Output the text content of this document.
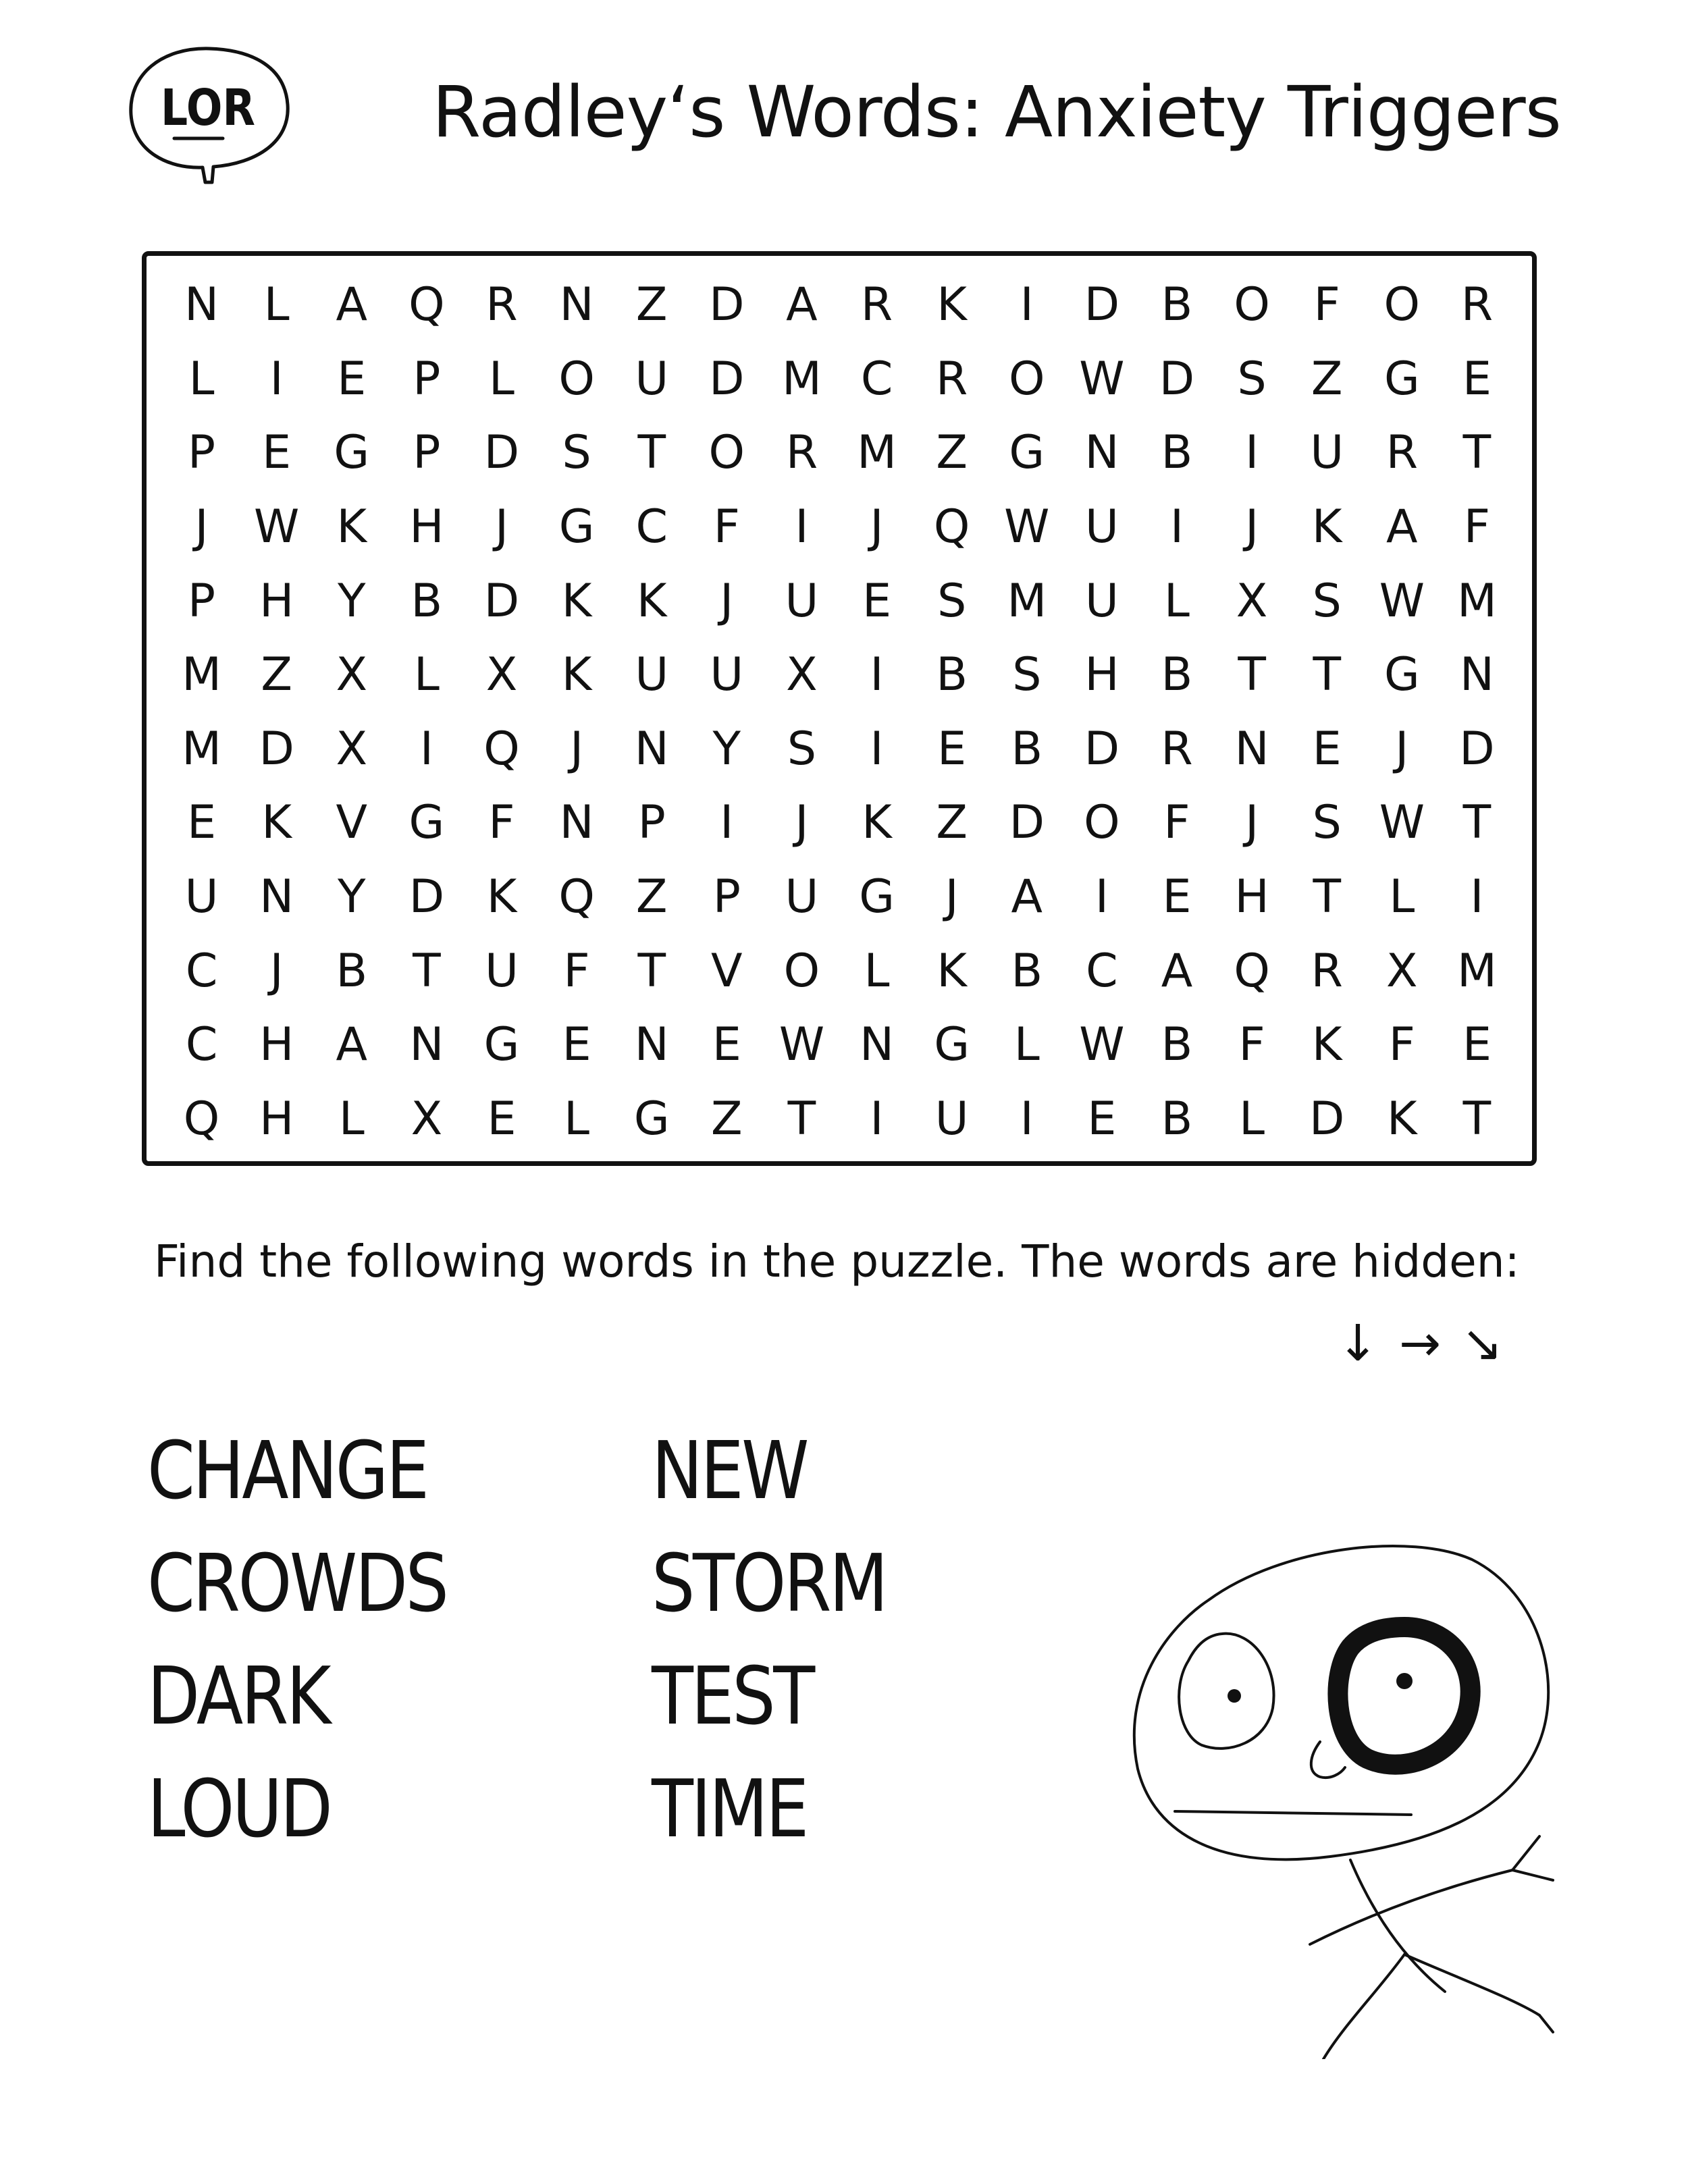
LOR	Radley‘s Words: Anxiety Triggers
N L	A Q R N Z D A R K	I	D B O F O R
L	I	E	P	L O U D M C R O W D S Z G E
P	E G P D S	T O R M Z G N B	I	U R T
J W K H	J	G C F	I	J	Q W U	I	J	K A	F
P H Y B D K K	J	U E	S M U L	X S W M
M Z X	L	X K U U X	I	B S H B T	T G N
M D X	I	Q	J	N Y	S	I	E B D R N E	J	D
E K V G F N P	I	J	K Z D O F	J	S W T
U N Y D K Q Z P U G	J	A	I	E H T	L	I
C	J	B T U F	T V O L	K B C A Q R X M
C H A N G E N E W N G L W B	F	K	F	E
Q H L	X E	L G Z T	I	U	I	E B	L D K	T
Find the following words in the puzzle. The words are hidden:
↓ → ↘
CHANGE
CROWDS
DARK
LOUD
NEW
STORM
TEST
TIME
